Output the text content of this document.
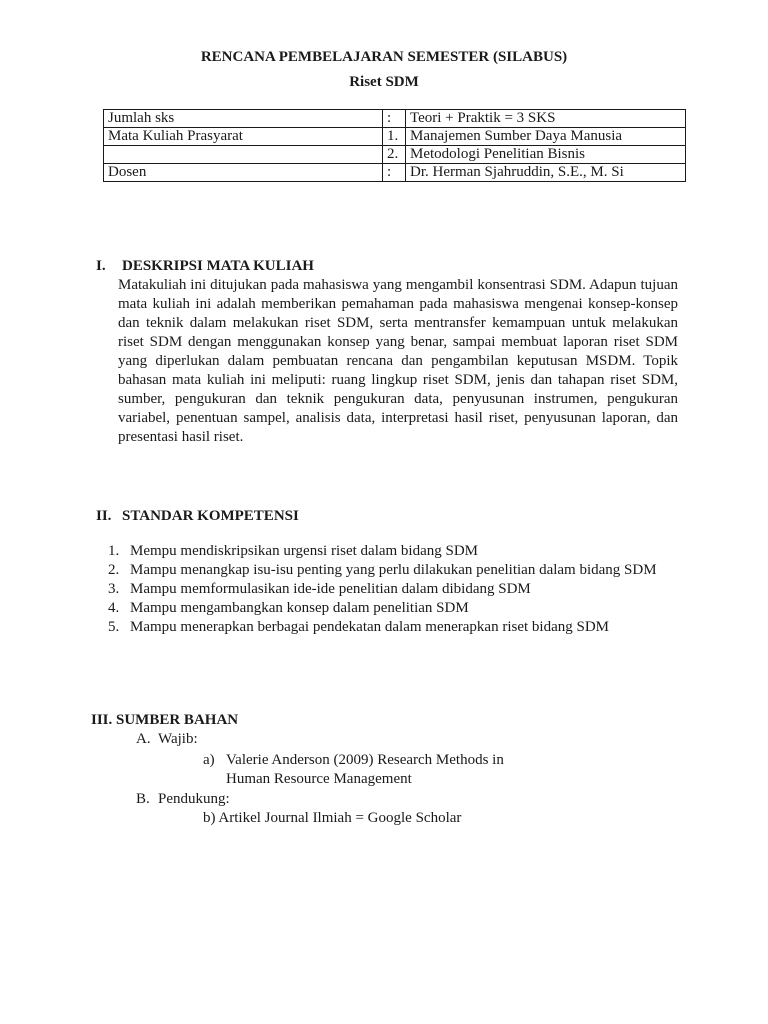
RENCANA PEMBELAJARAN SEMESTER (SILABUS)
Riset SDM
Jumlah sks	:	Teori + Praktik = 3 SKS
Mata Kuliah Prasyarat	1.	Manajemen Sumber Daya Manusia
	2.	Metodologi Penelitian Bisnis
Dosen	:	Dr. Herman Sjahruddin, S.E., M. Si
I. DESKRIPSI MATA KULIAH

Matakuliah ini ditujukan pada mahasiswa yang mengambil konsentrasi SDM. Adapun tujuan mata kuliah ini adalah memberikan pemahaman pada mahasiswa mengenai konsep-konsep dan teknik dalam melakukan riset SDM, serta mentransfer kemampuan untuk melakukan riset SDM dengan menggunakan konsep yang benar, sampai membuat laporan riset SDM yang diperlukan dalam pembuatan rencana dan pengambilan keputusan MSDM. Topik bahasan mata kuliah ini meliputi: ruang lingkup riset SDM, jenis dan tahapan riset SDM, sumber, pengukuran dan teknik pengukuran data, penyusunan instrumen, pengukuran variabel, penentuan sampel, analisis data, interpretasi hasil riset, penyusunan laporan, dan presentasi hasil riset.

II. STANDAR KOMPETENSI
1. Mempu mendiskripsikan urgensi riset dalam bidang SDM
2. Mampu menangkap isu-isu penting yang perlu dilakukan penelitian dalam bidang SDM
3. Mampu memformulasikan ide-ide penelitian dalam dibidang SDM
4. Mampu mengambangkan konsep dalam penelitian SDM
5. Mampu menerapkan berbagai pendekatan dalam menerapkan riset bidang SDM
III. SUMBER BAHAN
A. Wajib:
a) Valerie Anderson (2009) Research Methods in
Human Resource Management
B. Pendukung:
b) Artikel Journal Ilmiah = Google Scholar
